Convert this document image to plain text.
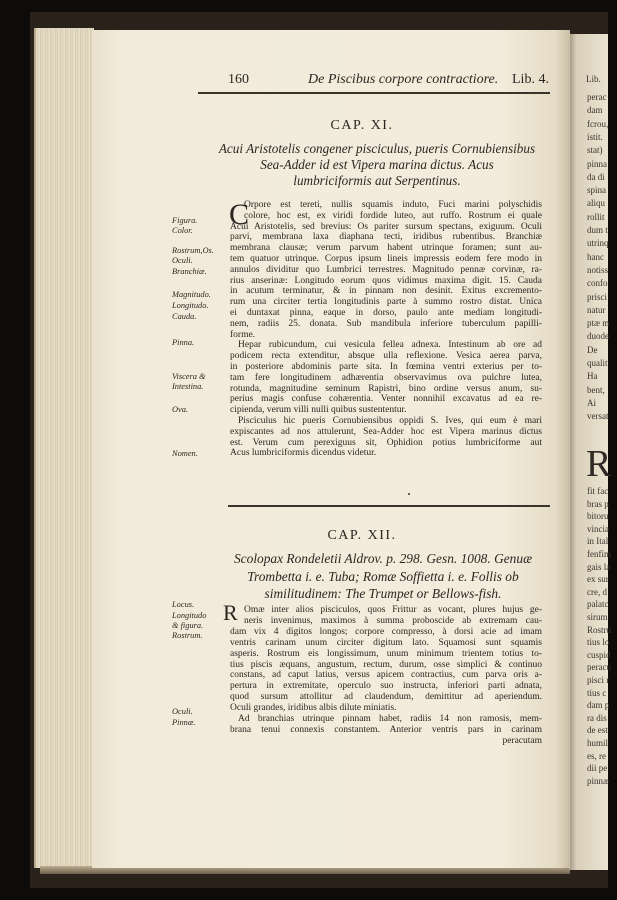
Lib.
perac
dam
fcrou,
istit.
stat)
pinna
da di
spina
aliqu
rollit
dum t
utrinq
hanc
notiss
confo
prisci
natur
ptæ m
duode
De
qualit
Ha
bent,
Ai
versat
R
fit fac
bras p
bitoru
vincia
in Ital
fenfim
gais la
ex sur
cre, d
palatc
sirum
Rostru
tius lo
cuspid
peracu
pisci r
tius c
dam p
ra dis
de est
humil
es, re
dii pe
pinnæ
160	De Piscibus corpore contractiore. Lib. 4.
CAP. XI.
Acui Aristotelis congener pisciculus, pueris Cornubiensibus
Sea-Adder id est Vipera marina dictus. Acus
lumbriciformis aut Serpentinus.
Figura.
Color.
Rostrum,Os.
Oculi.
Branchiæ.
Magnitudo.
Longitudo.
Cauda.
Pinna.
Viscera &
Intestina.
Ova.
Nomen.
C
Orpore est tereti, nullis squamis induto, Fuci marini polyschidis
colore, hoc est, ex viridi fordide luteo, aut ruffo. Rostrum ei quale
Acui Aristotelis, sed brevius: Os pariter sursum spectans, exiguum. Oculi
parvi, membrana laxa diaphana tecti, iridibus rubentibus. Branchiæ
membrana clausæ; verum parvum habent utrinque foramen; sunt au-
tem quatuor utrinque. Corpus ipsum lineis impressis eodem fere modo in
annulos dividitur quo Lumbrici terrestres. Magnitudo pennæ corvinæ, ra-
rius anserinæ: Longitudo eorum quos vidimus maxima digit. 15. Cauda
in acutum terminatur, & in pinnam non desinit. Exitus excremento-
rum una circiter tertia longitudinis parte à summo rostro distat. Unica
ei duntaxat pinna, eaque in dorso, paulo ante mediam longitudi-
nem, radiis 25. donata. Sub mandibula inferiore tuberculum papilli-
forme.
Hepar rubicundum, cui vesicula fellea adnexa. Intestinum ab ore ad
podicem recta extenditur, absque ulla reflexione. Vesica aerea parva,
in posteriore abdominis parte sita. In fœmina ventri exterius per to-
tam fere longitudinem adhærentia observavimus ova pulchre lutea,
rotunda, magnitudine seminum Rapistri, bino ordine versus anum, su-
perius magis confuse cohærentia. Venter nonnihil excavatus ad ea re-
cipienda, verum villi nulli quibus sustententur.
Pisciculus hic pueris Cornubiensibus oppidi S. Ives, qui eum è mari
expiscantes ad nos attulerunt, Sea-Adder hoc est Vipera marinus dictus
est. Verum cum perexiguus sit, Ophidion potius lumbriciforme aut
Acus lumbriciformis dicendus videtur.
CAP. XII.
Scolopax Rondeletii Aldrov. p. 298. Gesn. 1008. Genuæ
Trombetta i. e. Tuba; Romæ Soffietta i. e. Follis ob
similitudinem: The Trumpet or Bellows-fish.
Locus.
Longitudo
& figura.
Rostrum.
Oculi.
Pinnæ.
R Omæ inter alios pisciculos, quos Frittur as vocant, plures hujus ge-
neris invenimus, maximos à summa proboscide ab extremam cau-
dam vix 4 digitos longos; corpore compresso, à dorsi acie ad imam
ventris carinam unum circiter digitum lato. Squamosi sunt squamis
asperis. Rostrum eis longissimum, unum minimum trientem totius to-
tius piscis æquans, angustum, rectum, durum, osse simplici & continuo
constans, ad caput latius, versus apicem contractius, cum parva oris a-
pertura in extremitate, operculo suo instructa, inferiori parti adnata,
quod sursum attollitur ad claudendum, demittitur ad aperiendum.
Oculi grandes, iridibus albis dilute miniatis.
Ad branchias utrinque pinnam habet, radiis 14 non ramosis, mem-
brana tenui connexis constantem. Anterior ventris pars in carinam
peracutam
